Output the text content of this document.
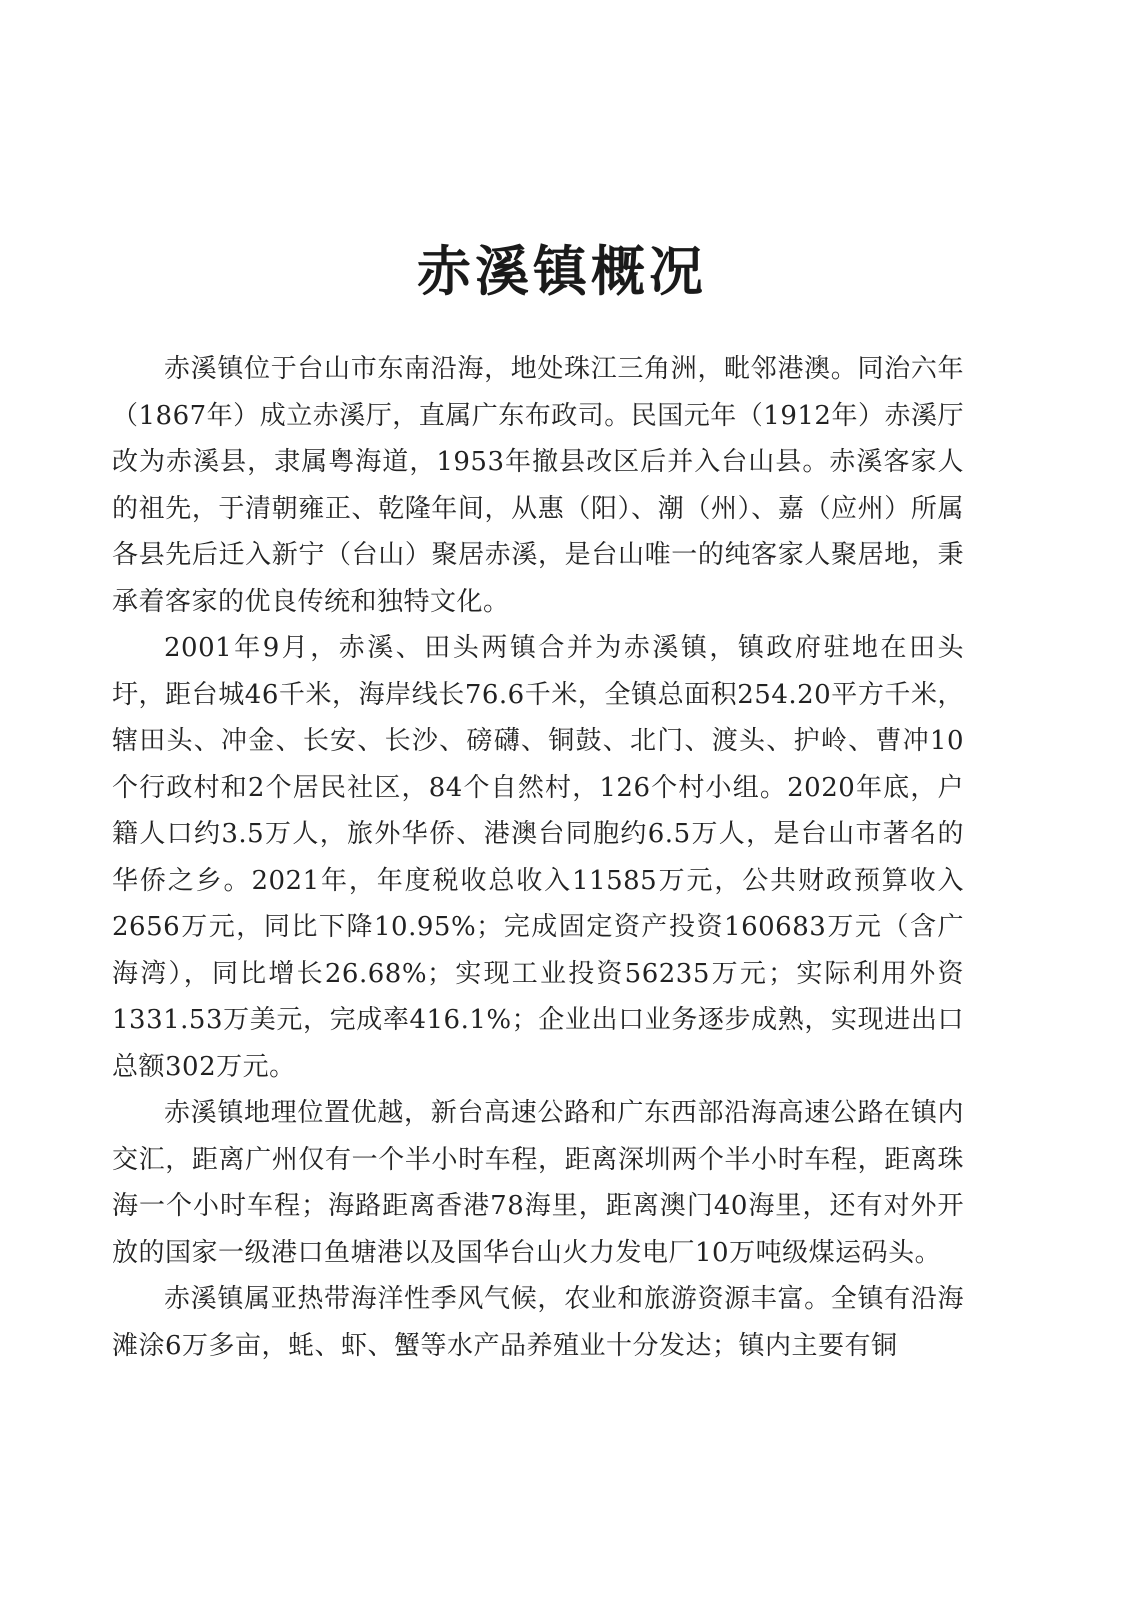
赤溪镇概况

赤溪镇位于台山市东南沿海，地处珠江三角洲，毗邻港澳。同治六年（1867年）成立赤溪厅，直属广东布政司。民国元年（1912年）赤溪厅改为赤溪县，隶属粤海道，1953年撤县改区后并入台山县。赤溪客家人的祖先，于清朝雍正、乾隆年间，从惠（阳）、潮（州）、嘉（应州）所属各县先后迁入新宁（台山）聚居赤溪，是台山唯一的纯客家人聚居地，秉承着客家的优良传统和独特文化。

2001年9月，赤溪、田头两镇合并为赤溪镇，镇政府驻地在田头圩，距台城46千米，海岸线长76.6千米，全镇总面积254.20平方千米，辖田头、冲金、长安、长沙、磅礴、铜鼓、北门、渡头、护岭、曹冲10个行政村和2个居民社区，84个自然村，126个村小组。2020年底，户籍人口约3.5万人，旅外华侨、港澳台同胞约6.5万人，是台山市著名的华侨之乡。2021年，年度税收总收入11585万元，公共财政预算收入2656万元，同比下降10.95%；完成固定资产投资160683万元（含广海湾），同比增长26.68%；实现工业投资56235万元；实际利用外资1331.53万美元，完成率416.1%；企业出口业务逐步成熟，实现进出口总额302万元。

赤溪镇地理位置优越，新台高速公路和广东西部沿海高速公路在镇内交汇，距离广州仅有一个半小时车程，距离深圳两个半小时车程，距离珠海一个小时车程；海路距离香港78海里，距离澳门40海里，还有对外开放的国家一级港口鱼塘港以及国华台山火力发电厂10万吨级煤运码头。

赤溪镇属亚热带海洋性季风气候，农业和旅游资源丰富。全镇有沿海滩涂6万多亩，蚝、虾、蟹等水产品养殖业十分发达；镇内主要有铜
